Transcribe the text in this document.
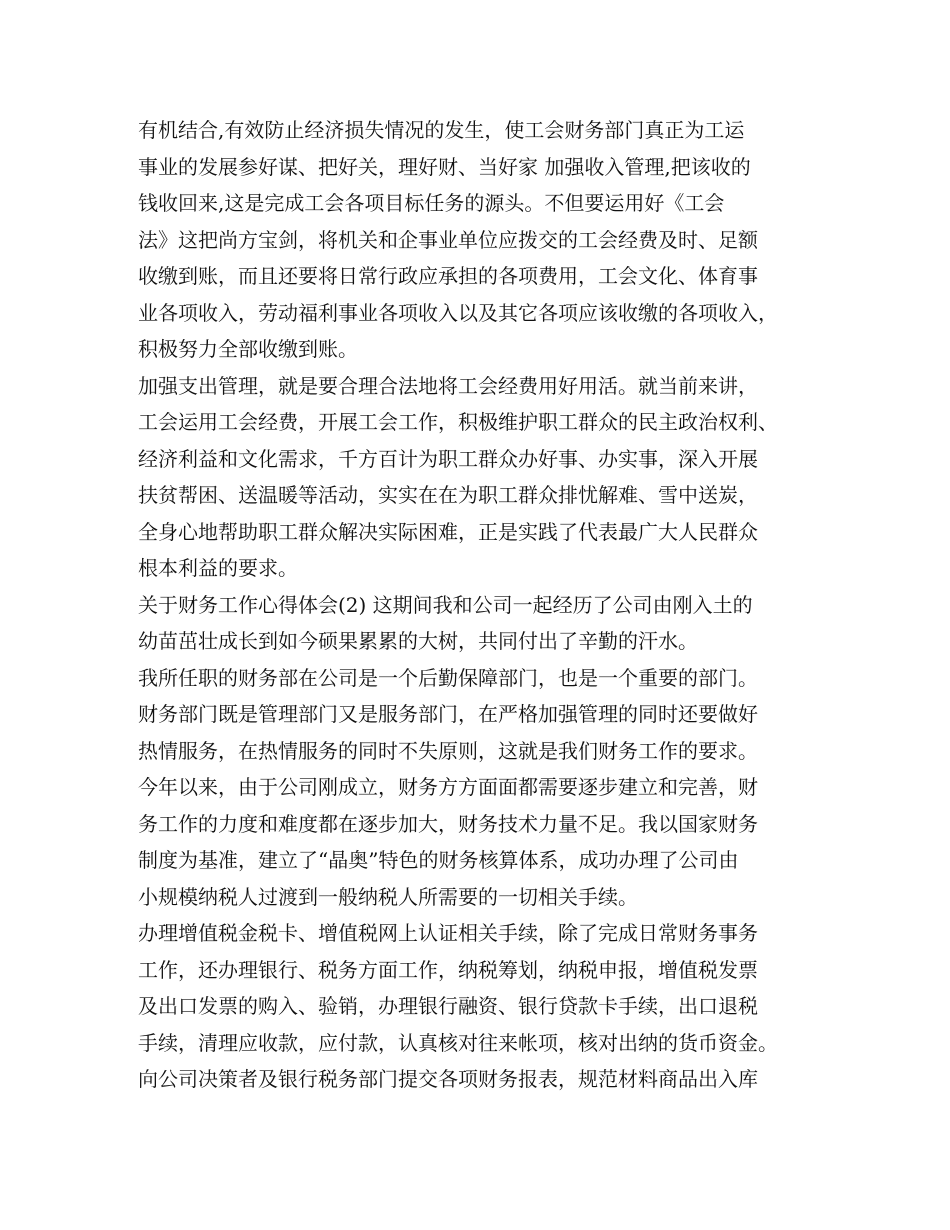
有机结合,有效防止经济损失情况的发生，使工会财务部门真正为工运
事业的发展参好谋、把好关，理好财、当好家 加强收入管理,把该收的
钱收回来,这是完成工会各项目标任务的源头。不但要运用好《工会
法》这把尚方宝剑，将机关和企事业单位应拨交的工会经费及时、足额
收缴到账，而且还要将日常行政应承担的各项费用，工会文化、体育事
业各项收入，劳动福利事业各项收入以及其它各项应该收缴的各项收入，
积极努力全部收缴到账。
加强支出管理，就是要合理合法地将工会经费用好用活。就当前来讲，
工会运用工会经费，开展工会工作，积极维护职工群众的民主政治权利、
经济利益和文化需求，千方百计为职工群众办好事、办实事，深入开展
扶贫帮困、送温暖等活动，实实在在为职工群众排忧解难、雪中送炭，
全身心地帮助职工群众解决实际困难，正是实践了代表最广大人民群众
根本利益的要求。
关于财务工作心得体会(2) 这期间我和公司一起经历了公司由刚入土的
幼苗茁壮成长到如今硕果累累的大树，共同付出了辛勤的汗水。
我所任职的财务部在公司是一个后勤保障部门，也是一个重要的部门。
财务部门既是管理部门又是服务部门，在严格加强管理的同时还要做好
热情服务，在热情服务的同时不失原则，这就是我们财务工作的要求。
今年以来，由于公司刚成立，财务方方面面都需要逐步建立和完善，财
务工作的力度和难度都在逐步加大，财务技术力量不足。我以国家财务
制度为基准，建立了“晶奥”特色的财务核算体系，成功办理了公司由
小规模纳税人过渡到一般纳税人所需要的一切相关手续。
办理增值税金税卡、增值税网上认证相关手续，除了完成日常财务事务
工作，还办理银行、税务方面工作，纳税筹划，纳税申报，增值税发票
及出口发票的购入、验销，办理银行融资、银行贷款卡手续，出口退税
手续，清理应收款，应付款，认真核对往来帐项，核对出纳的货币资金。
向公司决策者及银行税务部门提交各项财务报表，规范材料商品出入库
